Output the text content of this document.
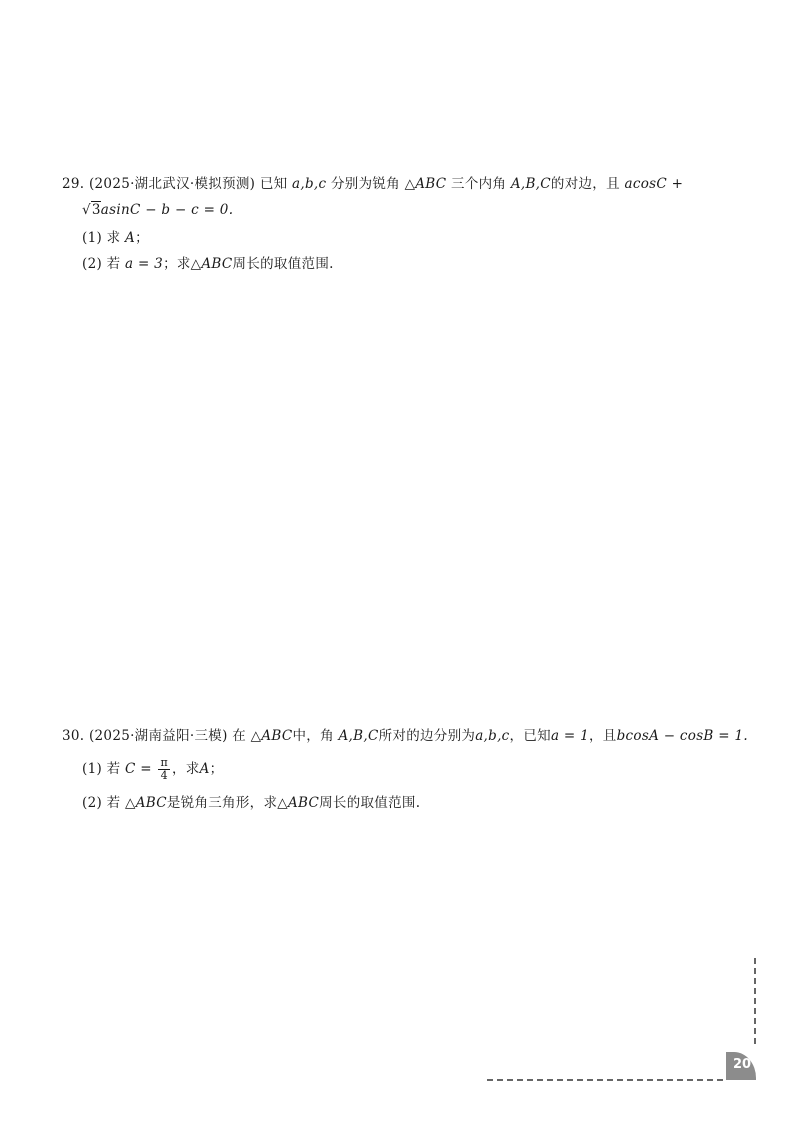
29. (2025·湖北武汉·模拟预测) 已知 a,b,c 分别为锐角 △ABC 三个内角 A,B,C的对边，且 acosC +
√3asinC − b − c = 0.
(1) 求 A；
(2) 若 a = 3；求△ABC周长的取值范围.
30. (2025·湖南益阳·三模) 在 △ABC中，角 A,B,C所对的边分别为a,b,c，已知a = 1，且bcosA − cosB = 1.
(1) 若 $C = \frac{\pi}{4}$ ，求A；
(2) 若 △ABC是锐角三角形，求△ABC周长的取值范围.
20
